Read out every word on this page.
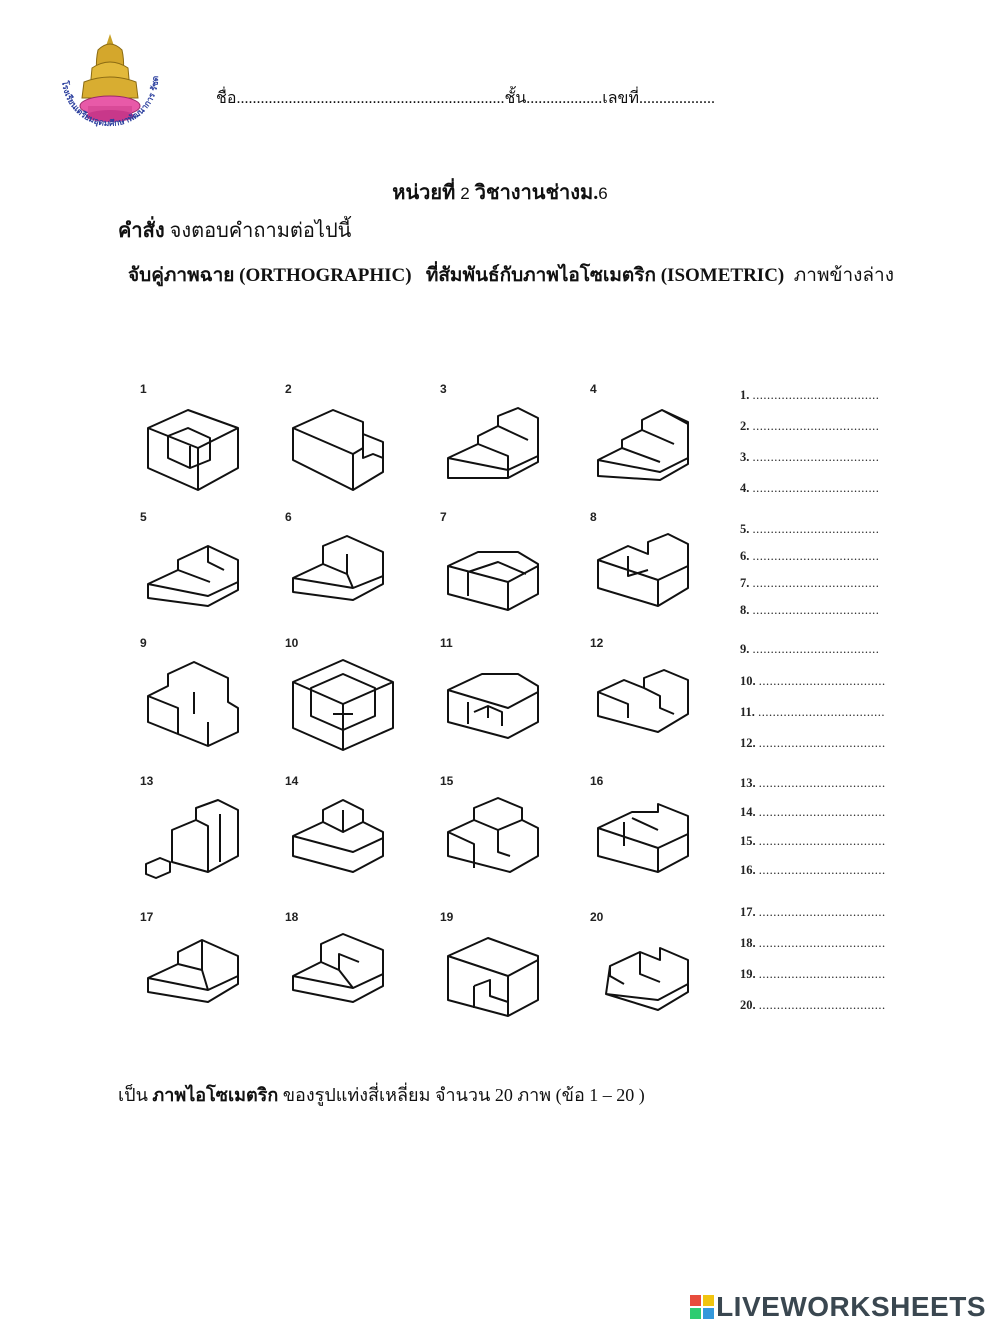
โรงเรียนเตรียมอุดมศึกษาพัฒนาการ รัชด
ชื่อ...................................................................ชั้น...................เลขที่...................
หน่วยที่ 2 วิชางานช่างม.6
คำสั่ง จงตอบคำถามต่อไปนี้
จับคู่ภาพฉาย (ORTHOGRAPHIC) ที่สัมพันธ์กับภาพไอโซเมตริก (ISOMETRIC) ภาพข้างล่าง
1	2	3	4
5	6	7	8
9	10	11	12
13	14	15	16
17	18	19	20
1. ...................................
2. ...................................
3. ...................................
4. ...................................
5. ...................................
6. ...................................
7. ...................................
8. ...................................
9. ...................................
10. ...................................
11. ...................................
12. ...................................
13. ...................................
14. ...................................
15. ...................................
16. ...................................
17. ...................................
18. ...................................
19. ...................................
20. ...................................
เป็น ภาพไอโซเมตริก ของรูปแท่งสี่เหลี่ยม จำนวน 20 ภาพ (ข้อ 1 – 20 )
LIVEWORKSHEETS
